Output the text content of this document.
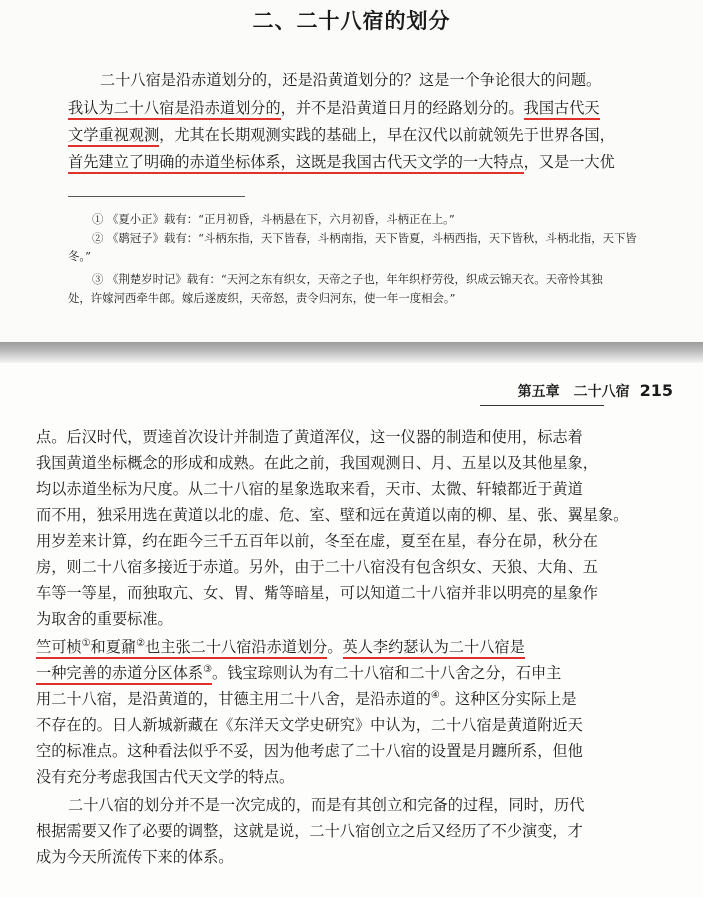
二、二十八宿的划分
二十八宿是沿赤道划分的，还是沿黄道划分的？这是一个争论很大的问题。
我认为二十八宿是沿赤道划分的，并不是沿黄道日月的经路划分的。我国古代天
文学重视观测，尤其在长期观测实践的基础上，早在汉代以前就领先于世界各国，
首先建立了明确的赤道坐标体系，这既是我国古代天文学的一大特点，又是一大优
① 《夏小正》载有：“正月初昏，斗柄悬在下，六月初昏，斗柄正在上。”
② 《鹖冠子》载有：“斗柄东指，天下皆春，斗柄南指，天下皆夏，斗柄西指，天下皆秋，斗柄北指，天下皆
冬。”
③ 《荆楚岁时记》载有：“天河之东有织女，天帝之子也，年年织杼劳役，织成云锦天衣。天帝怜其独
处，许嫁河西牵牛郎。嫁后遂废织，天帝怒，责令归河东，使一年一度相会。”
第五章　二十八宿 215
点。后汉时代，贾逵首次设计并制造了黄道浑仪，这一仪器的制造和使用，标志着
我国黄道坐标概念的形成和成熟。在此之前，我国观测日、月、五星以及其他星象，
均以赤道坐标为尺度。从二十八宿的星象选取来看，天市、太微、轩辕都近于黄道
而不用，独采用选在黄道以北的虚、危、室、壁和远在黄道以南的柳、星、张、翼星象。
用岁差来计算，约在距今三千五百年以前，冬至在虚，夏至在星，春分在昴，秋分在
房，则二十八宿多接近于赤道。另外，由于二十八宿没有包含织女、天狼、大角、五
车等一等星，而独取亢、女、胃、觜等暗星，可以知道二十八宿并非以明亮的星象作
为取舍的重要标准。
竺可桢①和夏鼐②也主张二十八宿沿赤道划分。英人李约瑟认为二十八宿是
一种完善的赤道分区体系③。钱宝琮则认为有二十八宿和二十八舍之分，石申主
用二十八宿，是沿黄道的，甘德主用二十八舍，是沿赤道的④。这种区分实际上是
不存在的。日人新城新藏在《东洋天文学史研究》中认为，二十八宿是黄道附近天
空的标准点。这种看法似乎不妥，因为他考虑了二十八宿的设置是月躔所系，但他
没有充分考虑我国古代天文学的特点。
二十八宿的划分并不是一次完成的，而是有其创立和完备的过程，同时，历代
根据需要又作了必要的调整，这就是说，二十八宿创立之后又经历了不少演变，才
成为今天所流传下来的体系。
